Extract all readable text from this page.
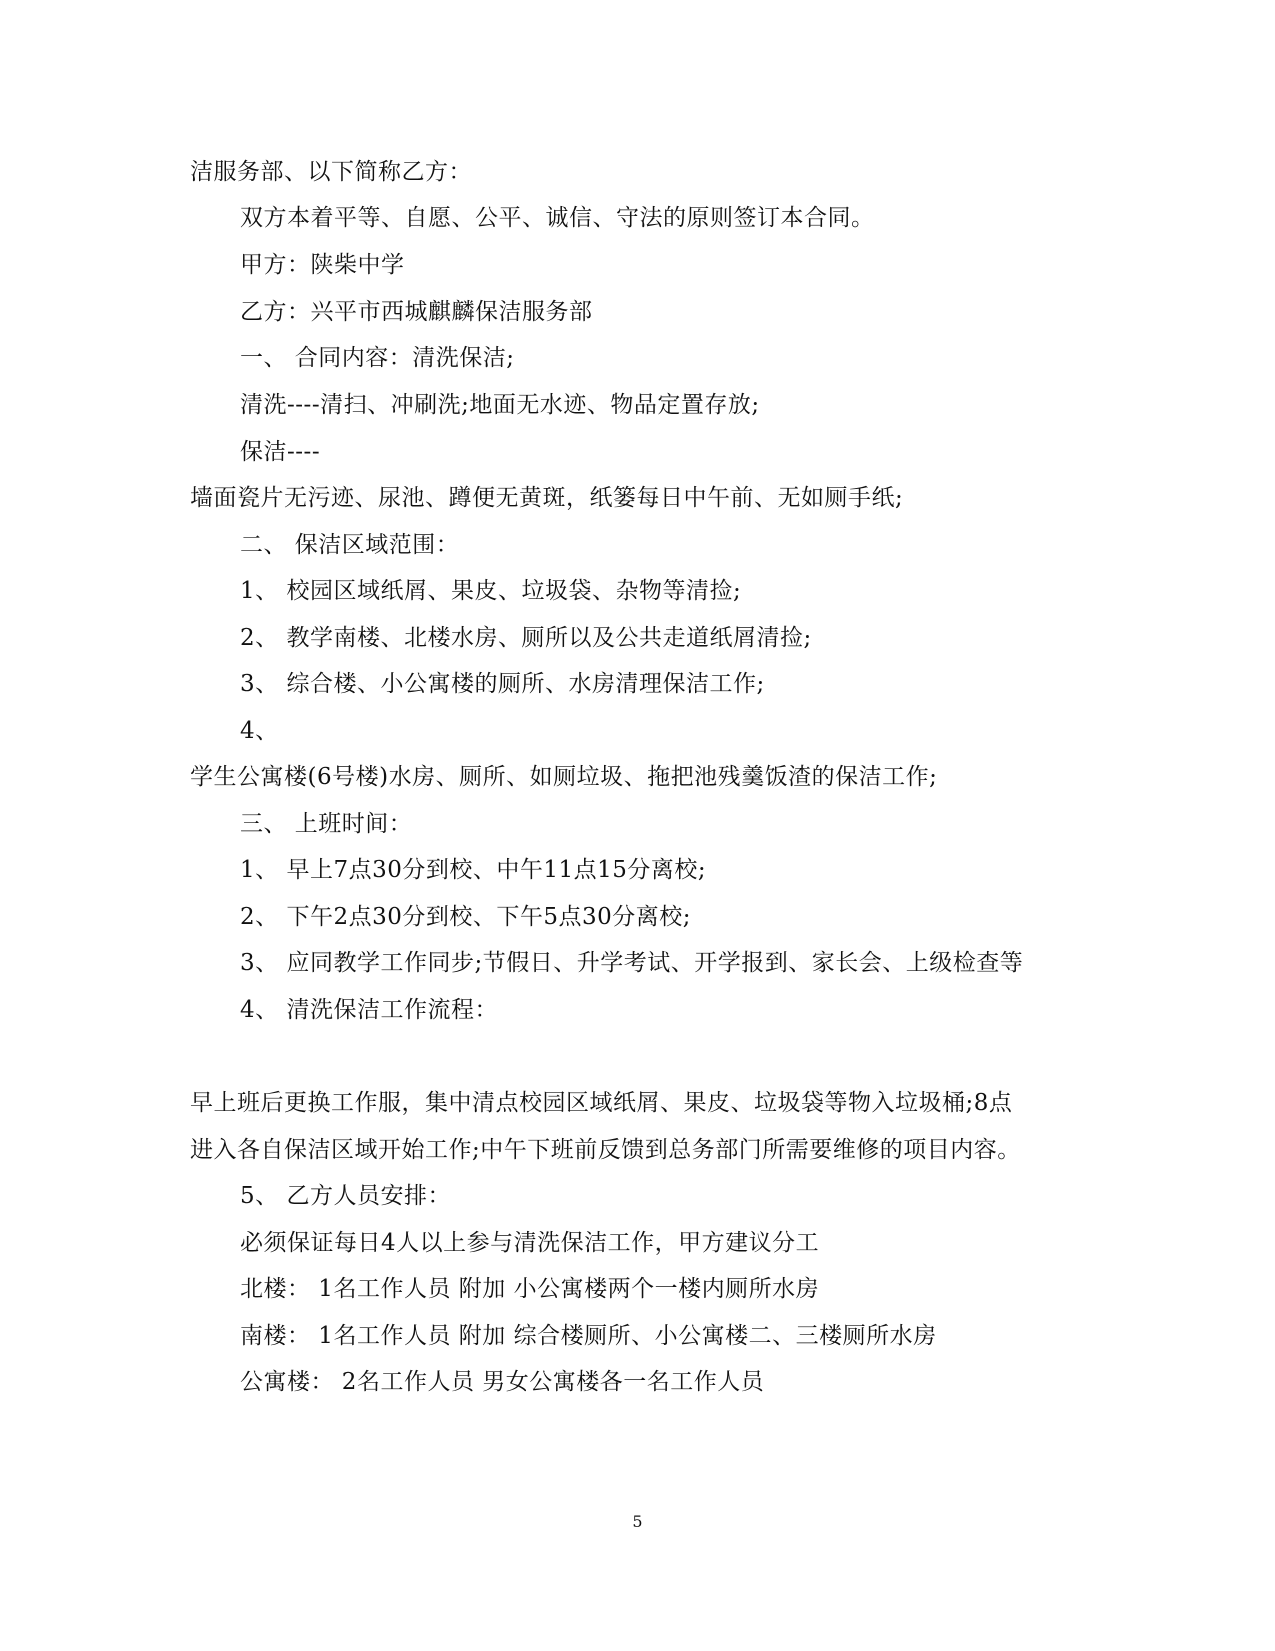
洁服务部、以下简称乙方：
双方本着平等、自愿、公平、诚信、守法的原则签订本合同。
甲方：陕柴中学
乙方：兴平市西城麒麟保洁服务部
一、 合同内容：清洗保洁;
清洗----清扫、冲刷洗;地面无水迹、物品定置存放;
保洁----
墙面瓷片无污迹、尿池、蹲便无黄斑，纸篓每日中午前、无如厕手纸;
二、 保洁区域范围：
1、 校园区域纸屑、果皮、垃圾袋、杂物等清捡;
2、 教学南楼、北楼水房、厕所以及公共走道纸屑清捡;
3、 综合楼、小公寓楼的厕所、水房清理保洁工作;
4、
学生公寓楼(6号楼)水房、厕所、如厕垃圾、拖把池残羹饭渣的保洁工作;
三、 上班时间：
1、 早上7点30分到校、中午11点15分离校;
2、 下午2点30分到校、下午5点30分离校;
3、 应同教学工作同步;节假日、升学考试、开学报到、家长会、上级检查等
4、 清洗保洁工作流程：
早上班后更换工作服，集中清点校园区域纸屑、果皮、垃圾袋等物入垃圾桶;8点
进入各自保洁区域开始工作;中午下班前反馈到总务部门所需要维修的项目内容。
5、 乙方人员安排：
必须保证每日4人以上参与清洗保洁工作，甲方建议分工
北楼： 1名工作人员 附加 小公寓楼两个一楼内厕所水房
南楼： 1名工作人员 附加 综合楼厕所、小公寓楼二、三楼厕所水房
公寓楼： 2名工作人员 男女公寓楼各一名工作人员
5
